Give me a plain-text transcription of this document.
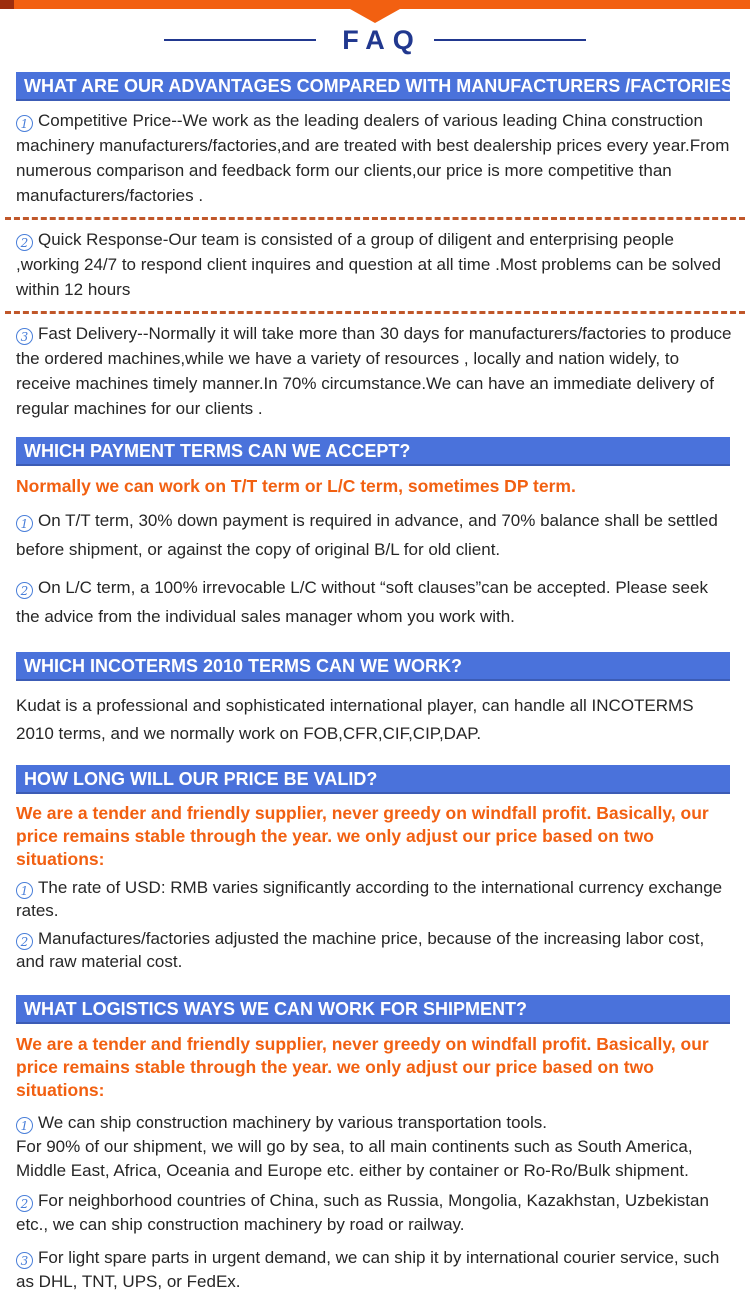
FAQ
WHAT ARE OUR ADVANTAGES COMPARED WITH MANUFACTURERS /FACTORIES ?

1 Competitive Price--We work as the leading dealers of various leading China construction machinery manufacturers/factories,and are treated with best dealership prices every year.From numerous comparison and feedback form our clients,our price is more competitive than manufacturers/factories .

2 Quick Response-Our team is consisted of a group of diligent and enterprising people ,working 24/7 to respond client inquires and question at all time .Most problems can be solved within 12 hours

3 Fast Delivery--Normally it will take more than 30 days for manufacturers/factories to produce the ordered machines,while we have a variety of resources , locally and nation widely, to receive machines timely manner.In 70% circumstance.We can have an immediate delivery of regular machines for our clients .

WHICH PAYMENT TERMS CAN WE ACCEPT?

Normally we can work on T/T term or L/C term, sometimes DP term.

1 On T/T term, 30% down payment is required in advance, and 70% balance shall be settled before shipment, or against the copy of original B/L for old client.

2 On L/C term, a 100% irrevocable L/C without “soft clauses”can be accepted. Please seek the advice from the individual sales manager whom you work with.

WHICH INCOTERMS 2010 TERMS CAN WE WORK?

Kudat is a professional and sophisticated international player, can handle all INCOTERMS 2010 terms, and we normally work on FOB,CFR,CIF,CIP,DAP.

HOW LONG WILL OUR PRICE BE VALID?

We are a tender and friendly supplier, never greedy on windfall profit. Basically, our price remains stable through the year. we only adjust our price based on two situations:

1 The rate of USD: RMB varies significantly according to the international currency exchange rates.

2 Manufactures/factories adjusted the machine price, because of the increasing labor cost, and raw material cost.

WHAT LOGISTICS WAYS WE CAN WORK FOR SHIPMENT?

We are a tender and friendly supplier, never greedy on windfall profit. Basically, our price remains stable through the year. we only adjust our price based on two situations:

1 We can ship construction machinery by various transportation tools.

For 90% of our shipment, we will go by sea, to all main continents such as South America, Middle East, Africa, Oceania and Europe etc. either by container or Ro-Ro/Bulk shipment.

2 For neighborhood countries of China, such as Russia, Mongolia, Kazakhstan, Uzbekistan etc., we can ship construction machinery by road or railway.

3 For light spare parts in urgent demand, we can ship it by international courier service, such as DHL, TNT, UPS, or FedEx.
